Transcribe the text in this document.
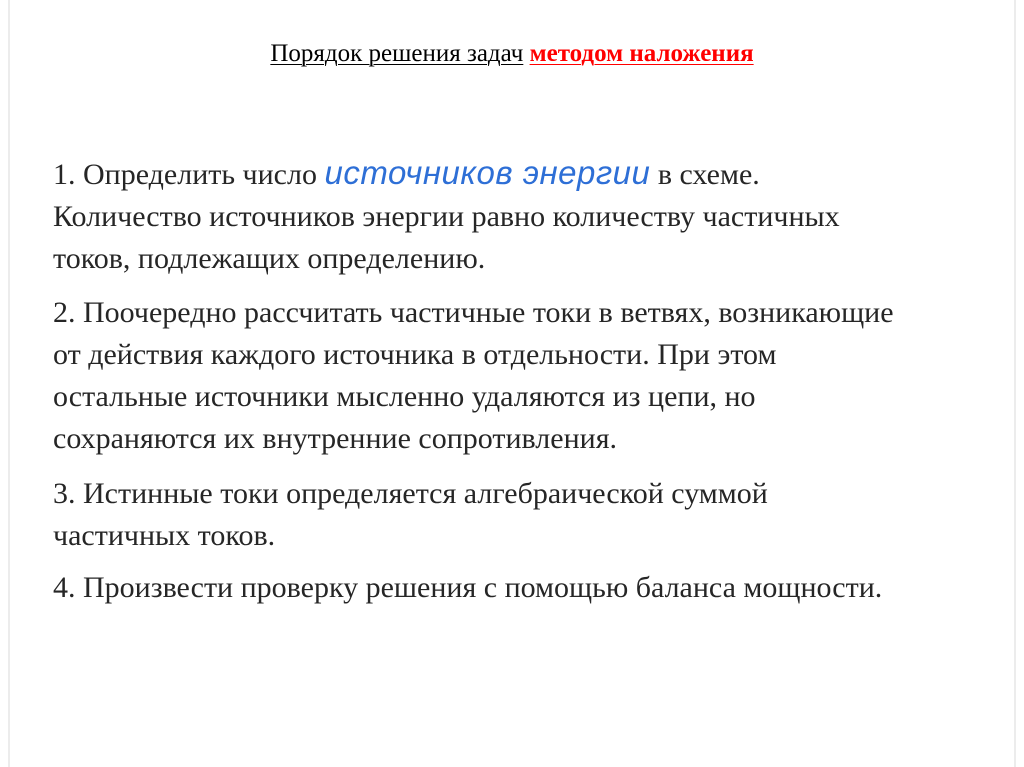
Порядок решения задач методом наложения
1. Определить число источников энергии в схеме.
Количество источников энергии равно количеству частичных
токов, подлежащих определению.
2. Поочередно рассчитать частичные токи в ветвях, возникающие
от действия каждого источника в отдельности. При этом
остальные источники мысленно удаляются из цепи, но
сохраняются их внутренние сопротивления.
3. Истинные токи определяется алгебраической суммой
частичных токов.
4. Произвести проверку решения с помощью баланса мощности.
